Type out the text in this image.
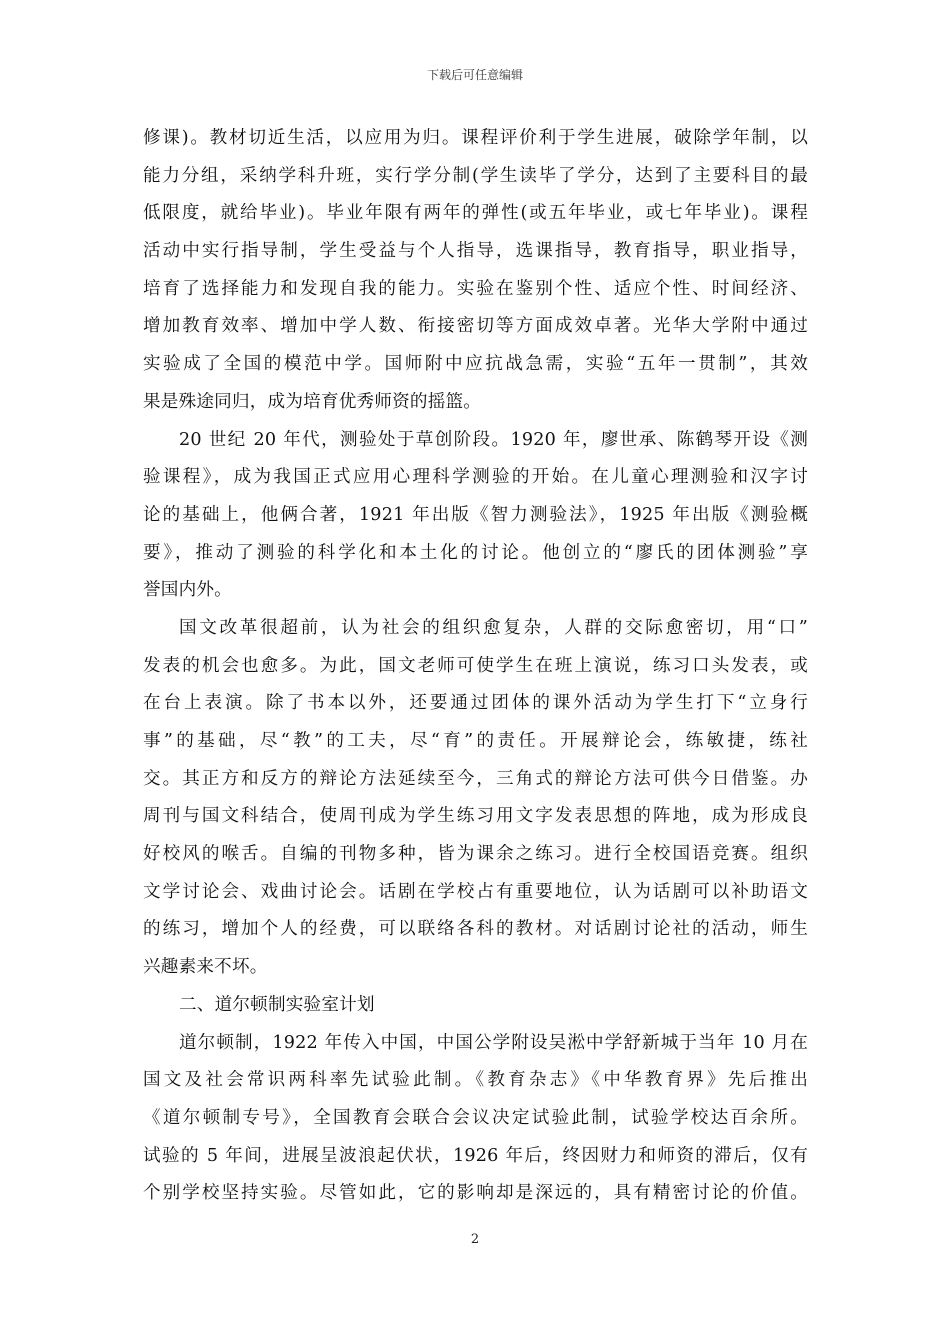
下载后可任意编辑
修课)。教材切近生活，以应用为归。课程评价利于学生进展，破除学年制，以
能力分组，采纳学科升班，实行学分制(学生读毕了学分，达到了主要科目的最
低限度，就给毕业)。毕业年限有两年的弹性(或五年毕业，或七年毕业)。课程
活动中实行指导制，学生受益与个人指导，选课指导，教育指导，职业指导，
培育了选择能力和发现自我的能力。实验在鉴别个性、适应个性、时间经济、
增加教育效率、增加中学人数、衔接密切等方面成效卓著。光华大学附中通过
实验成了全国的模范中学。国师附中应抗战急需，实验“五年一贯制”，其效
果是殊途同归，成为培育优秀师资的摇篮。
20 世纪 20 年代，测验处于草创阶段。1920 年，廖世承、陈鹤琴开设《测
验课程》，成为我国正式应用心理科学测验的开始。在儿童心理测验和汉字讨
论的基础上，他俩合著，1921 年出版《智力测验法》，1925 年出版《测验概
要》，推动了测验的科学化和本土化的讨论。他创立的“廖氏的团体测验”享
誉国内外。
国文改革很超前，认为社会的组织愈复杂，人群的交际愈密切，用“口”
发表的机会也愈多。为此，国文老师可使学生在班上演说，练习口头发表，或
在台上表演。除了书本以外，还要通过团体的课外活动为学生打下“立身行
事”的基础，尽“教”的工夫，尽“育”的责任。开展辩论会，练敏捷，练社
交。其正方和反方的辩论方法延续至今，三角式的辩论方法可供今日借鉴。办
周刊与国文科结合，使周刊成为学生练习用文字发表思想的阵地，成为形成良
好校风的喉舌。自编的刊物多种，皆为课余之练习。进行全校国语竞赛。组织
文学讨论会、戏曲讨论会。话剧在学校占有重要地位，认为话剧可以补助语文
的练习，增加个人的经费，可以联络各科的教材。对话剧讨论社的活动，师生
兴趣素来不坏。
二、道尔顿制实验室计划
道尔顿制，1922 年传入中国，中国公学附设吴淞中学舒新城于当年 10 月在
国文及社会常识两科率先试验此制。《教育杂志》《中华教育界》先后推出
《道尔顿制专号》，全国教育会联合会议决定试验此制，试验学校达百余所。
试验的 5 年间，进展呈波浪起伏状，1926 年后，终因财力和师资的滞后，仅有
个别学校坚持实验。尽管如此，它的影响却是深远的，具有精密讨论的价值。
2
